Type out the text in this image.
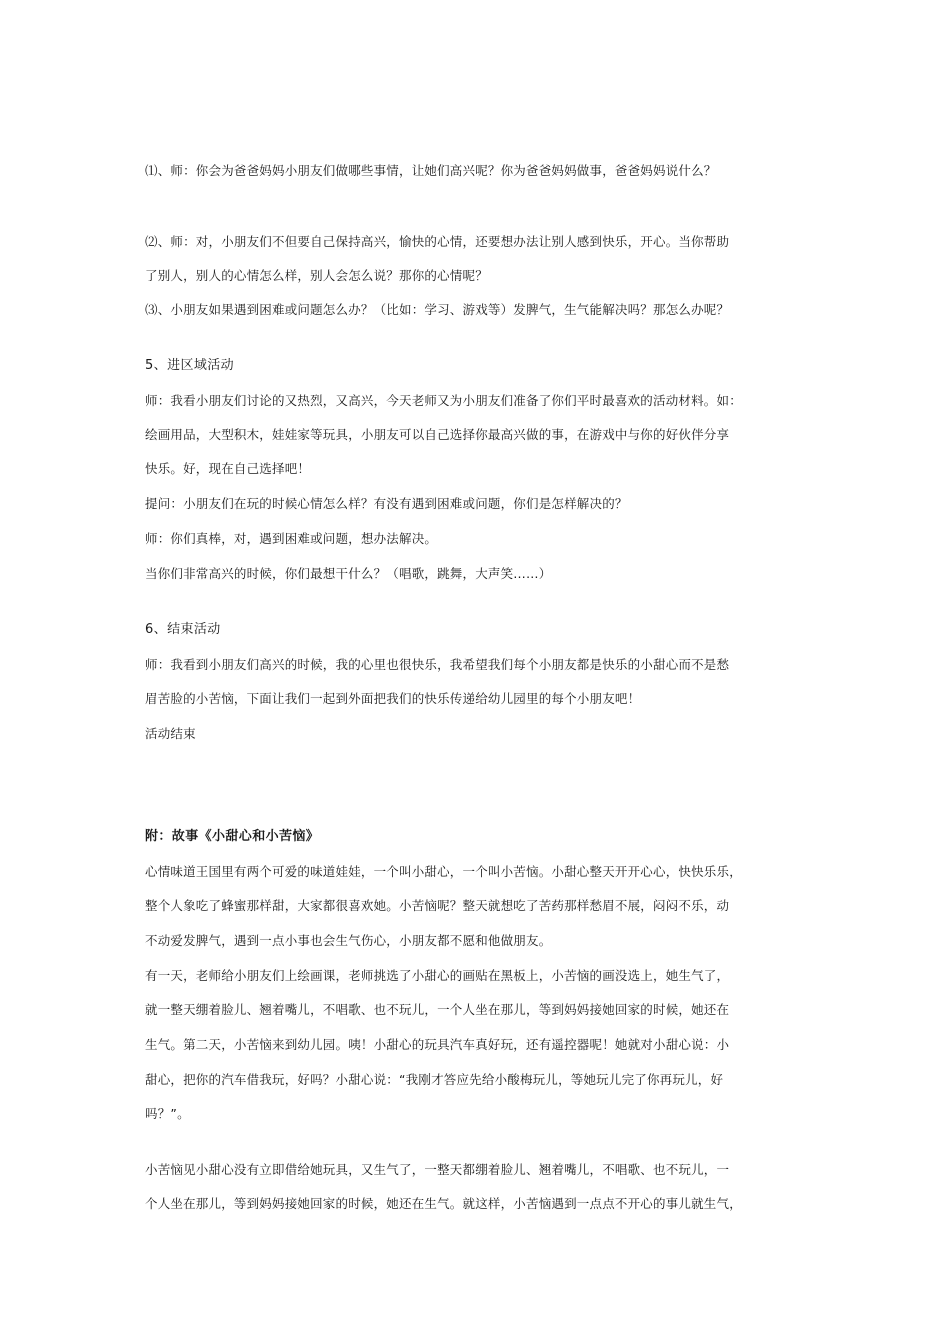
⑴、师：你会为爸爸妈妈小朋友们做哪些事情，让她们高兴呢？你为爸爸妈妈做事，爸爸妈妈说什么？
⑵、师：对，小朋友们不但要自己保持高兴，愉快的心情，还要想办法让别人感到快乐，开心。当你帮助
了别人，别人的心情怎么样，别人会怎么说？那你的心情呢？
⑶、小朋友如果遇到困难或问题怎么办？（比如：学习、游戏等）发脾气，生气能解决吗？那怎么办呢？
5、进区域活动
师：我看小朋友们讨论的又热烈，又高兴，今天老师又为小朋友们准备了你们平时最喜欢的活动材料。如：
绘画用品，大型积木，娃娃家等玩具，小朋友可以自己选择你最高兴做的事，在游戏中与你的好伙伴分享
快乐。好，现在自己选择吧！
提问：小朋友们在玩的时候心情怎么样？有没有遇到困难或问题，你们是怎样解决的？
师：你们真棒，对，遇到困难或问题，想办法解决。
当你们非常高兴的时候，你们最想干什么？（唱歌，跳舞，大声笑……）
6、结束活动
师：我看到小朋友们高兴的时候，我的心里也很快乐，我希望我们每个小朋友都是快乐的小甜心而不是愁
眉苦脸的小苦恼，下面让我们一起到外面把我们的快乐传递给幼儿园里的每个小朋友吧！
活动结束
附：故事《小甜心和小苦恼》
心情味道王国里有两个可爱的味道娃娃，一个叫小甜心，一个叫小苦恼。小甜心整天开开心心，快快乐乐，
整个人象吃了蜂蜜那样甜，大家都很喜欢她。小苦恼呢？整天就想吃了苦药那样愁眉不展，闷闷不乐，动
不动爱发脾气，遇到一点小事也会生气伤心，小朋友都不愿和他做朋友。
有一天，老师给小朋友们上绘画课，老师挑选了小甜心的画贴在黑板上，小苦恼的画没选上，她生气了，
就一整天绷着脸儿、翘着嘴儿，不唱歌、也不玩儿，一个人坐在那儿，等到妈妈接她回家的时候，她还在
生气。第二天，小苦恼来到幼儿园。咦！小甜心的玩具汽车真好玩，还有遥控器呢！她就对小甜心说：小
甜心，把你的汽车借我玩，好吗？小甜心说：“我刚才答应先给小酸梅玩儿，等她玩儿完了你再玩儿，好
吗？”。
小苦恼见小甜心没有立即借给她玩具，又生气了，一整天都绷着脸儿、翘着嘴儿，不唱歌、也不玩儿，一
个人坐在那儿，等到妈妈接她回家的时候，她还在生气。就这样，小苦恼遇到一点点不开心的事儿就生气，
